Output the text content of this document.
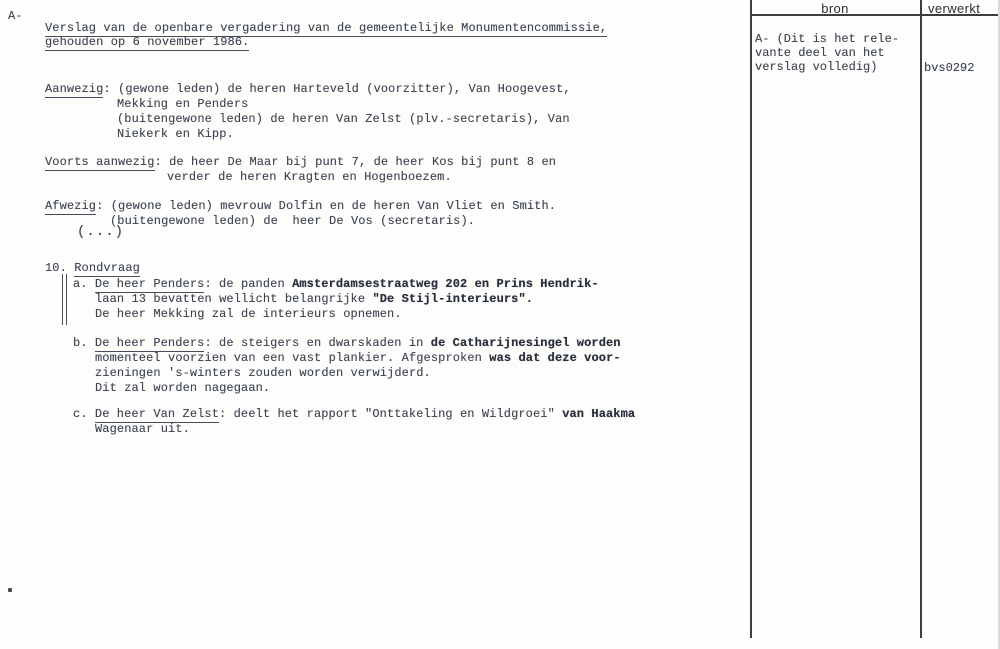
A-
Verslag van de openbare vergadering van de gemeentelijke Monumentencommissie,
gehouden op 6 november 1986.
Aanwezig: (gewone leden) de heren Harteveld (voorzitter), Van Hoogevest,
Mekking en Penders
(buitengewone leden) de heren Van Zelst (plv.-secretaris), Van
Niekerk en Kipp.
Voorts aanwezig: de heer De Maar bij punt 7, de heer Kos bij punt 8 en
verder de heren Kragten en Hogenboezem.
Afwezig: (gewone leden) mevrouw Dolfin en de heren Van Vliet en Smith.
(buitengewone leden) de  heer De Vos (secretaris).
(...)
10. Rondvraag
a. De heer Penders: de panden Amsterdamsestraatweg 202 en Prins Hendrik-
laan 13 bevatten wellicht belangrijke "De Stijl-interieurs".
De heer Mekking zal de interieurs opnemen.
b. De heer Penders: de steigers en dwarskaden in de Catharijnesingel worden
momenteel voorzien van een vast plankier. Afgesproken was dat deze voor-
zieningen 's-winters zouden worden verwijderd.
Dit zal worden nagegaan.
c. De heer Van Zelst: deelt het rapport "Onttakeling en Wildgroei" van Haakma
Wagenaar uit.
bron	verwerkt
A- (Dit is het rele-
vante deel van het
verslag volledig)	bvs0292
